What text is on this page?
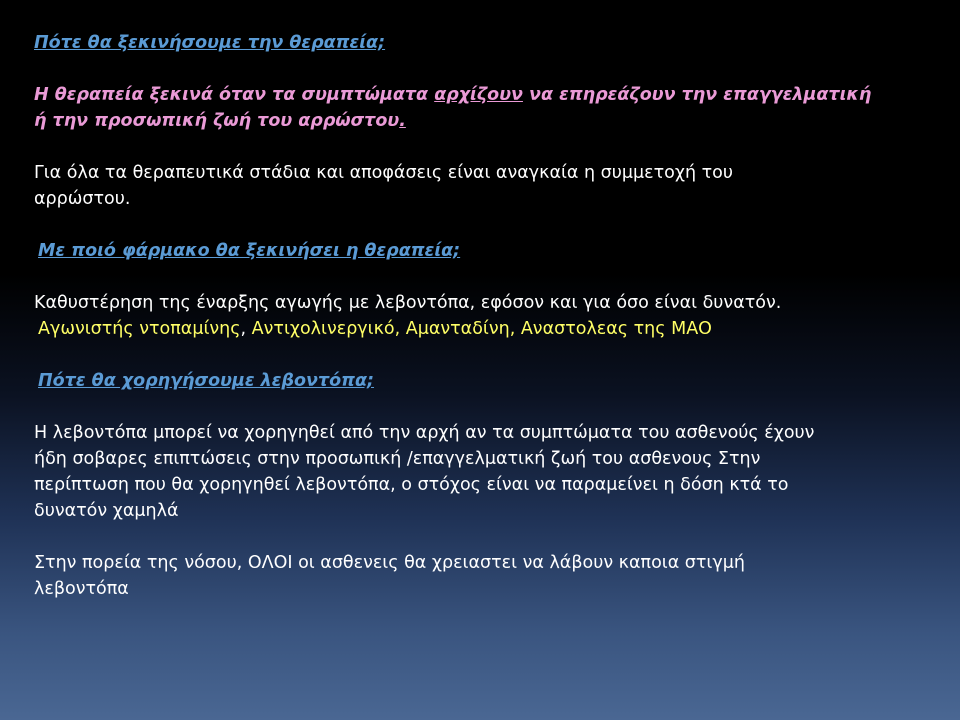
Πότε θα ξεκινήσουμε την θεραπεία;
Η θεραπεία ξεκινά όταν τα συμπτώματα αρχίζουν να επηρεάζουν την επαγγελματική
ή την προσωπική ζωή του αρρώστου.
Για όλα τα θεραπευτικά στάδια και αποφάσεις είναι αναγκαία η συμμετοχή του
αρρώστου.
Με ποιό φάρμακο θα ξεκινήσει η θεραπεία;
Καθυστέρηση της έναρξης αγωγής με λεβοντόπα, εφόσον και για όσο είναι δυνατόν.
Αγωνιστής ντοπαμίνης, Αντιχολινεργικό, Αμανταδίνη, Αναστολεας της ΜΑΟ
Πότε θα χορηγήσουμε λεβοντόπα;
Η λεβοντόπα μπορεί να χορηγηθεί από την αρχή αν τα συμπτώματα του ασθενούς έχουν
ήδη σοβαρες επιπτώσεις στην προσωπική /επαγγελματική ζωή του ασθενους Στην
περίπτωση που θα χορηγηθεί λεβοντόπα, ο στόχος είναι να παραμείνει η δόση κτά το
δυνατόν χαμηλά
Στην πορεία της νόσου, ΟΛΟΙ οι ασθενεις θα χρειαστει να λάβουν καποια στιγμή
λεβοντόπα
